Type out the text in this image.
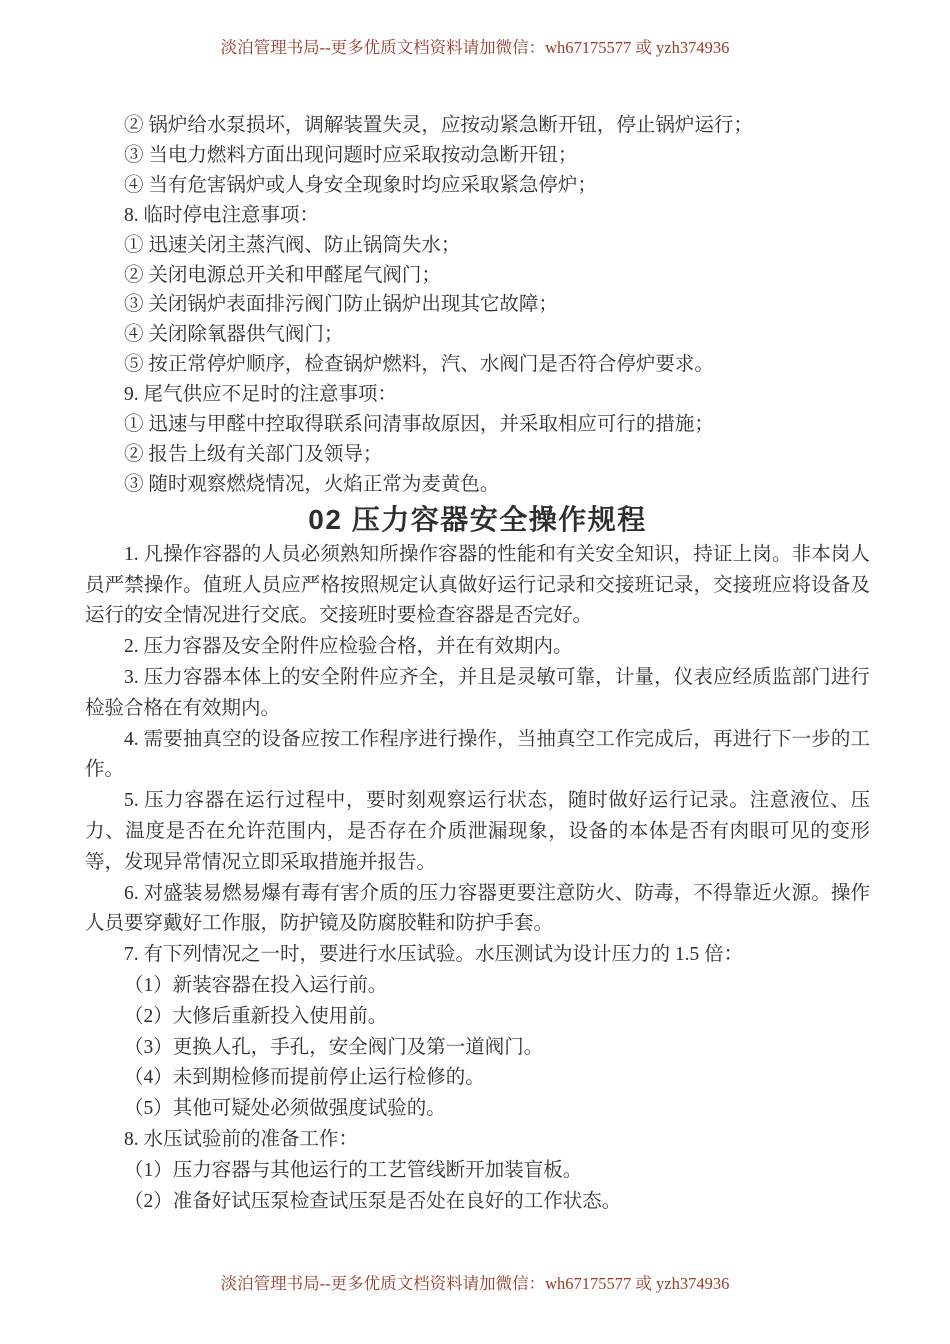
淡泊管理书局--更多优质文档资料请加微信：wh67175577 或 yzh374936
② 锅炉给水泵损坏，调解装置失灵，应按动紧急断开钮，停止锅炉运行；
③ 当电力燃料方面出现问题时应采取按动急断开钮；
④ 当有危害锅炉或人身安全现象时均应采取紧急停炉；
8. 临时停电注意事项：
① 迅速关闭主蒸汽阀、防止锅筒失水；
② 关闭电源总开关和甲醛尾气阀门；
③ 关闭锅炉表面排污阀门防止锅炉出现其它故障；
④ 关闭除氧器供气阀门；
⑤ 按正常停炉顺序，检查锅炉燃料，汽、水阀门是否符合停炉要求。
9. 尾气供应不足时的注意事项：
① 迅速与甲醛中控取得联系问清事故原因，并采取相应可行的措施；
② 报告上级有关部门及领导；
③ 随时观察燃烧情况，火焰正常为麦黄色。
02 压力容器安全操作规程

1. 凡操作容器的人员必须熟知所操作容器的性能和有关安全知识，持证上岗。非本岗人员严禁操作。值班人员应严格按照规定认真做好运行记录和交接班记录，交接班应将设备及运行的安全情况进行交底。交接班时要检查容器是否完好。

2. 压力容器及安全附件应检验合格，并在有效期内。

3. 压力容器本体上的安全附件应齐全，并且是灵敏可靠，计量，仪表应经质监部门进行检验合格在有效期内。

4. 需要抽真空的设备应按工作程序进行操作，当抽真空工作完成后，再进行下一步的工作。

5. 压力容器在运行过程中，要时刻观察运行状态，随时做好运行记录。注意液位、压力、温度是否在允许范围内，是否存在介质泄漏现象，设备的本体是否有肉眼可见的变形等，发现异常情况立即采取措施并报告。

6. 对盛装易燃易爆有毒有害介质的压力容器更要注意防火、防毒，不得靠近火源。操作人员要穿戴好工作服，防护镜及防腐胶鞋和防护手套。

7. 有下列情况之一时，要进行水压试验。水压测试为设计压力的 1.5 倍：

（1）新装容器在投入运行前。

（2）大修后重新投入使用前。

（3）更换人孔，手孔，安全阀门及第一道阀门。

（4）未到期检修而提前停止运行检修的。

（5）其他可疑处必须做强度试验的。

8. 水压试验前的准备工作：

（1）压力容器与其他运行的工艺管线断开加装盲板。

（2）准备好试压泵检查试压泵是否处在良好的工作状态。

淡泊管理书局--更多优质文档资料请加微信：wh67175577 或 yzh374936
